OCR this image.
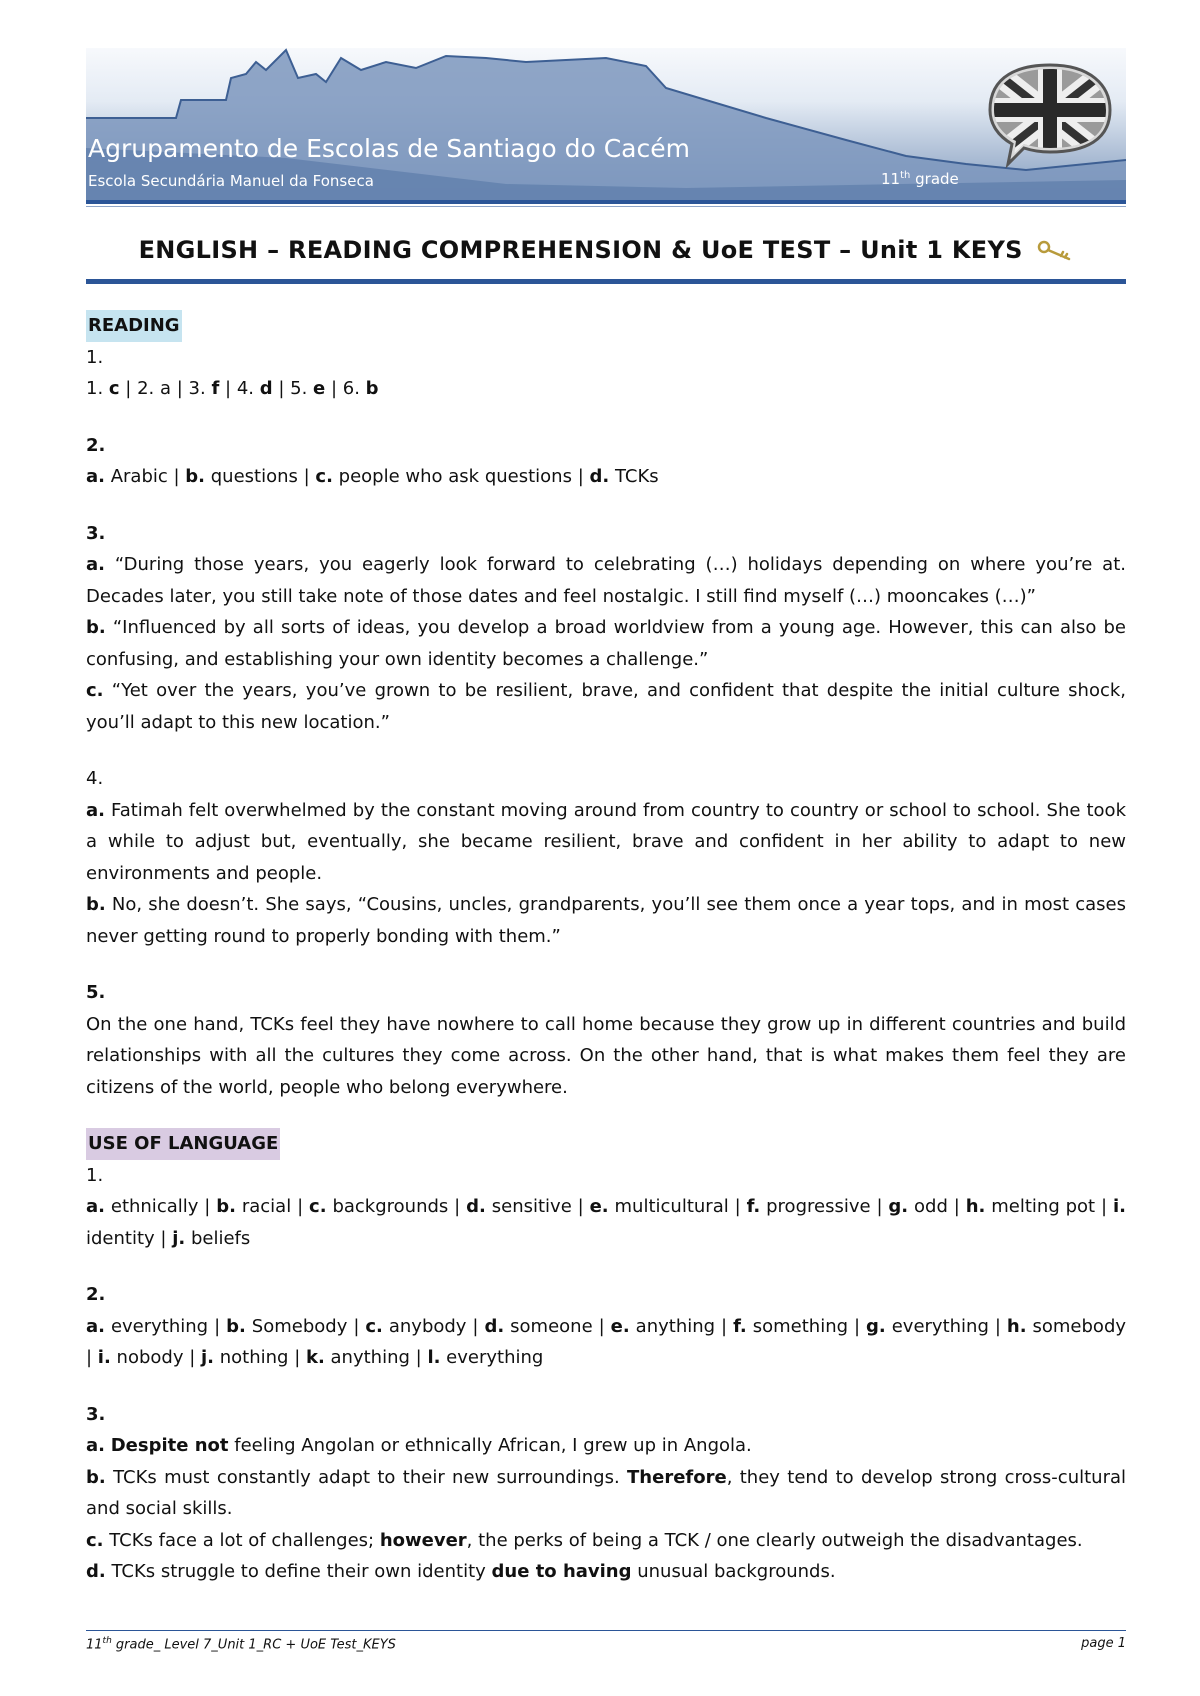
Agrupamento de Escolas de Santiago do Cacém
Escola Secundária Manuel da Fonseca	11th grade
ENGLISH – READING COMPREHENSION & UoE TEST – Unit 1 KEYS

READING

1.

1. c | 2. a | 3. f | 4. d | 5. e | 6. b

2.

a. Arabic | b. questions | c. people who ask questions | d. TCKs

3.

a. “During those years, you eagerly look forward to celebrating (…) holidays depending on where you’re at. Decades later, you still take note of those dates and feel nostalgic. I still find myself (…) mooncakes (…)”

b. “Influenced by all sorts of ideas, you develop a broad worldview from a young age. However, this can also be confusing, and establishing your own identity becomes a challenge.”

c. “Yet over the years, you’ve grown to be resilient, brave, and confident that despite the initial culture shock, you’ll adapt to this new location.”

4.

a. Fatimah felt overwhelmed by the constant moving around from country to country or school to school. She took a while to adjust but, eventually, she became resilient, brave and confident in her ability to adapt to new environments and people.

b. No, she doesn’t. She says, “Cousins, uncles, grandparents, you’ll see them once a year tops, and in most cases never getting round to properly bonding with them.”

5.

On the one hand, TCKs feel they have nowhere to call home because they grow up in different countries and build relationships with all the cultures they come across. On the other hand, that is what makes them feel they are citizens of the world, people who belong everywhere.

USE OF LANGUAGE

1.

a. ethnically | b. racial | c. backgrounds | d. sensitive | e. multicultural | f. progressive | g. odd | h. melting pot | i. identity | j. beliefs

2.

a. everything | b. Somebody | c. anybody | d. someone | e. anything | f. something | g. everything | h. somebody | i. nobody | j. nothing | k. anything | l. everything

3.

a. Despite not feeling Angolan or ethnically African, I grew up in Angola.

b. TCKs must constantly adapt to their new surroundings. Therefore, they tend to develop strong cross-cultural and social skills.

c. TCKs face a lot of challenges; however, the perks of being a TCK / one clearly outweigh the disadvantages.

d. TCKs struggle to define their own identity due to having unusual backgrounds.

11th grade_ Level 7_Unit 1_RC + UoE Test_KEYS	page 1
